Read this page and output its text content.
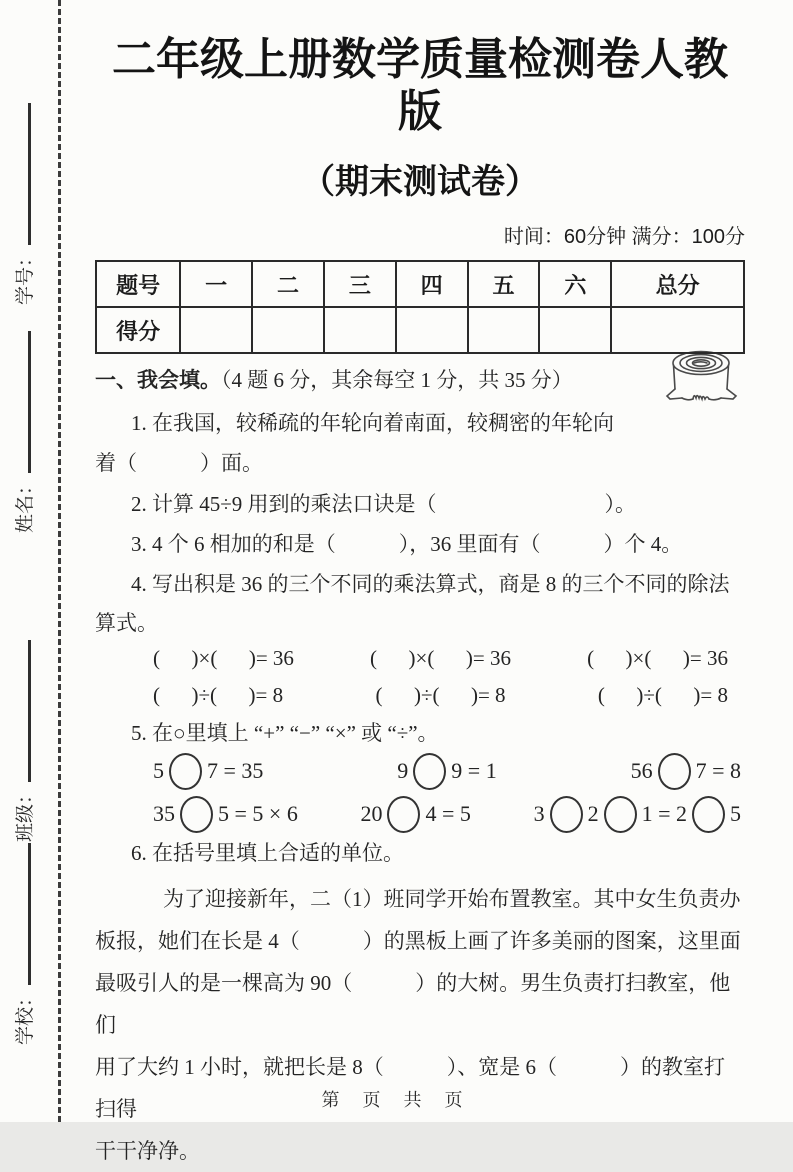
学号：
姓名：
班级：
学校：
二年级上册数学质量检测卷人教版
（期末测试卷）
时间：60分钟 满分：100分
题号	一	二	三	四	五	六	总分
得分							
一、我会填。（4 题 6 分，其余每空 1 分，共 35 分）
1. 在我国，较稀疏的年轮向着南面，较稠密的年轮向
着（　　　）面。
2. 计算 45÷9 用到的乘法口诀是（　　　　　　　　）。
3. 4 个 6 相加的和是（　　　），36 里面有（　　　）个 4。
4. 写出积是 36 的三个不同的乘法算式，商是 8 的三个不同的除法
算式。
(      )×(      )= 36	(      )×(      )= 36	(      )×(      )= 36
(      )÷(      )= 8	(      )÷(      )= 8	(      )÷(      )= 8
5. 在○里填上 “+” “−” “×” 或 “÷”。
5 7 = 35	9 9 = 1	56 7 = 8
35 5 = 5 × 6	20 4 = 5	3 2 1 = 2 5
6. 在括号里填上合适的单位。
为了迎接新年，二（1）班同学开始布置教室。其中女生负责办
板报，她们在长是 4（　　　）的黑板上画了许多美丽的图案，这里面
最吸引人的是一棵高为 90（　　　）的大树。男生负责打扫教室，他们
用了大约 1 小时，就把长是 8（　　　）、宽是 6（　　　）的教室打扫得
干干净净。
第 页 共 页
